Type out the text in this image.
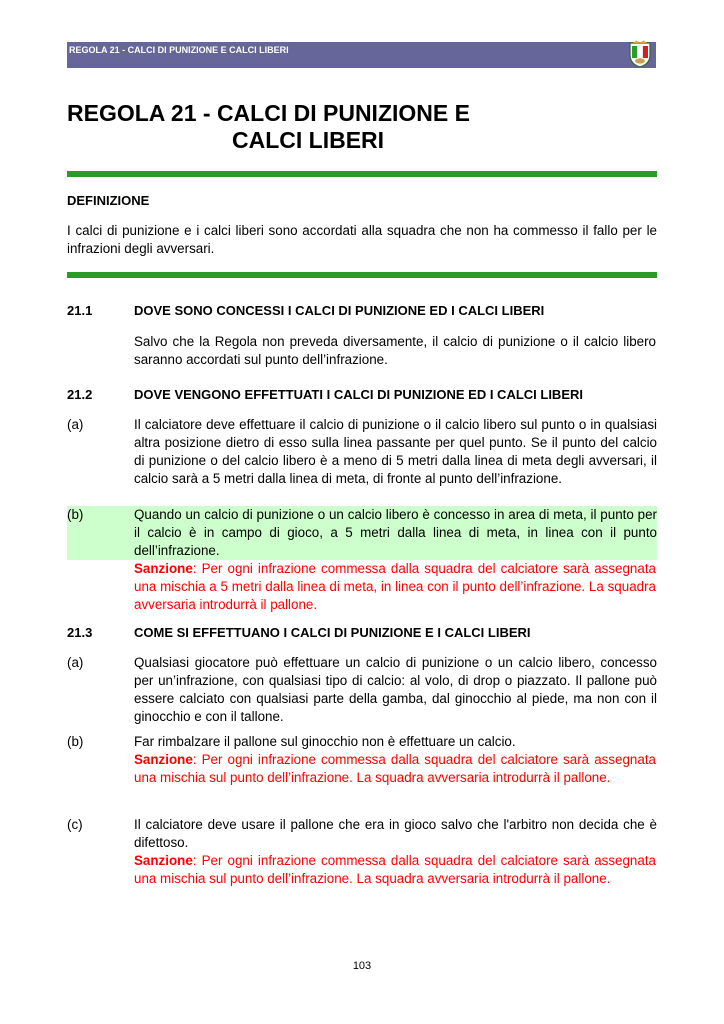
REGOLA 21 - CALCI DI PUNIZIONE E CALCI LIBERI
REGOLA 21 - CALCI DI PUNIZIONE E
CALCI LIBERI
DEFINIZIONE
I calci di punizione e i calci liberi sono accordati alla squadra che non ha commesso il fallo per le infrazioni degli avversari.
21.1	DOVE SONO CONCESSI I CALCI DI PUNIZIONE ED I CALCI LIBERI
Salvo che la Regola non preveda diversamente, il calcio di punizione o il calcio libero saranno accordati sul punto dell’infrazione.
21.2	DOVE VENGONO EFFETTUATI I CALCI DI PUNIZIONE ED I CALCI LIBERI
(a)	Il calciatore deve effettuare il calcio di punizione o il calcio libero sul punto o in qualsiasi altra posizione dietro di esso sulla linea passante per quel punto. Se il punto del calcio di punizione o del calcio libero è a meno di 5 metri dalla linea di meta degli avversari, il calcio sarà a 5 metri dalla linea di meta, di fronte al punto dell’infrazione.
(b)	Quando un calcio di punizione o un calcio libero è concesso in area di meta, il punto per il calcio è in campo di gioco, a 5 metri dalla linea di meta, in linea con il punto dell’infrazione.
Sanzione: Per ogni infrazione commessa dalla squadra del calciatore sarà assegnata una mischia a 5 metri dalla linea di meta, in linea con il punto dell’infrazione. La squadra avversaria introdurrà il pallone.
21.3	COME SI EFFETTUANO I CALCI DI PUNIZIONE E I CALCI LIBERI
(a)	Qualsiasi giocatore può effettuare un calcio di punizione o un calcio libero, concesso per un’infrazione, con qualsiasi tipo di calcio: al volo, di drop o piazzato. Il pallone può essere calciato con qualsiasi parte della gamba, dal ginocchio al piede, ma non con il ginocchio e con il tallone.
(b)	Far rimbalzare il pallone sul ginocchio non è effettuare un calcio.
Sanzione: Per ogni infrazione commessa dalla squadra del calciatore sarà assegnata una mischia sul punto dell’infrazione. La squadra avversaria introdurrà il pallone.
(c)	Il calciatore deve usare il pallone che era in gioco salvo che l'arbitro non decida che è difettoso.
Sanzione: Per ogni infrazione commessa dalla squadra del calciatore sarà assegnata una mischia sul punto dell’infrazione. La squadra avversaria introdurrà il pallone.
103
